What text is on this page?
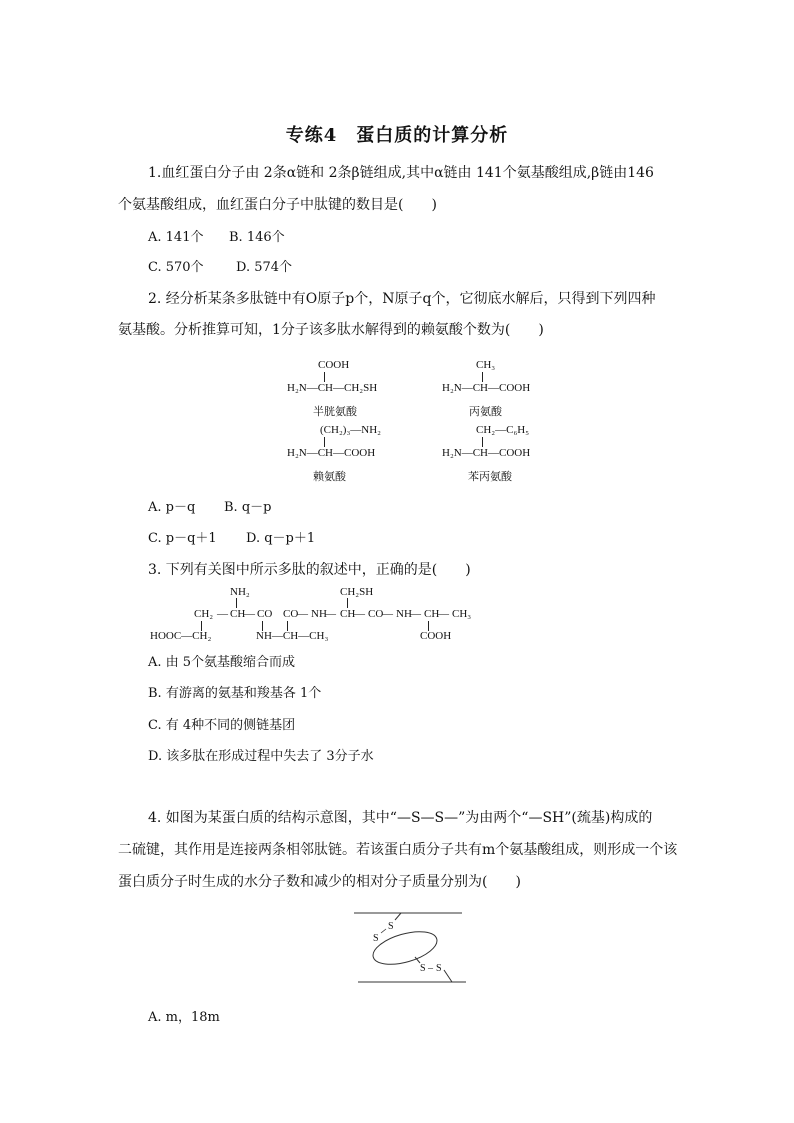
专练4　蛋白质的计算分析
1.血红蛋白分子由 2条α链和 2条β链组成,其中α链由 141个氨基酸组成,β链由146
个氨基酸组成，血红蛋白分子中肽键的数目是(　　)
A. 141个 B. 146个
C. 570个 D. 574个
2. 经分析某条多肽链中有O原子p个，N原子q个，它彻底水解后，只得到下列四种
氨基酸。分析推算可知，1分子该多肽水解得到的赖氨酸个数为(　　)
COOH
H₂N—CH—CH₂SH
半胱氨酸
CH₃
H₂N—CH—COOH
丙氨酸
(CH₂)₃—NH₂
H₂N—CH—COOH
赖氨酸
CH₂—C₆H₅
H₂N—CH—COOH
苯丙氨酸
A. p－q B. q－p
C. p－q＋1 D. q－p＋1
3. 下列有关图中所示多肽的叙述中，正确的是(　　)
NH₂	CH₂SH
CH₂ — CH
— CO CO
— NH
— CH
— CO
— NH
— CH
— CH₃
HOOC—CH₂	NH—CH—CH₃	COOH
A. 由 5个氨基酸缩合而成
B. 有游离的氨基和羧基各 1个
C. 有 4种不同的侧链基团
D. 该多肽在形成过程中失去了 3分子水
4. 如图为某蛋白质的结构示意图，其中“—S—S—”为由两个“—SH”(巯基)构成的
二硫键，其作用是连接两条相邻肽链。若该蛋白质分子共有m个氨基酸组成，则形成一个该
蛋白质分子时生成的水分子数和减少的相对分子质量分别为(　　)
S
S
S – S
A. m，18m
